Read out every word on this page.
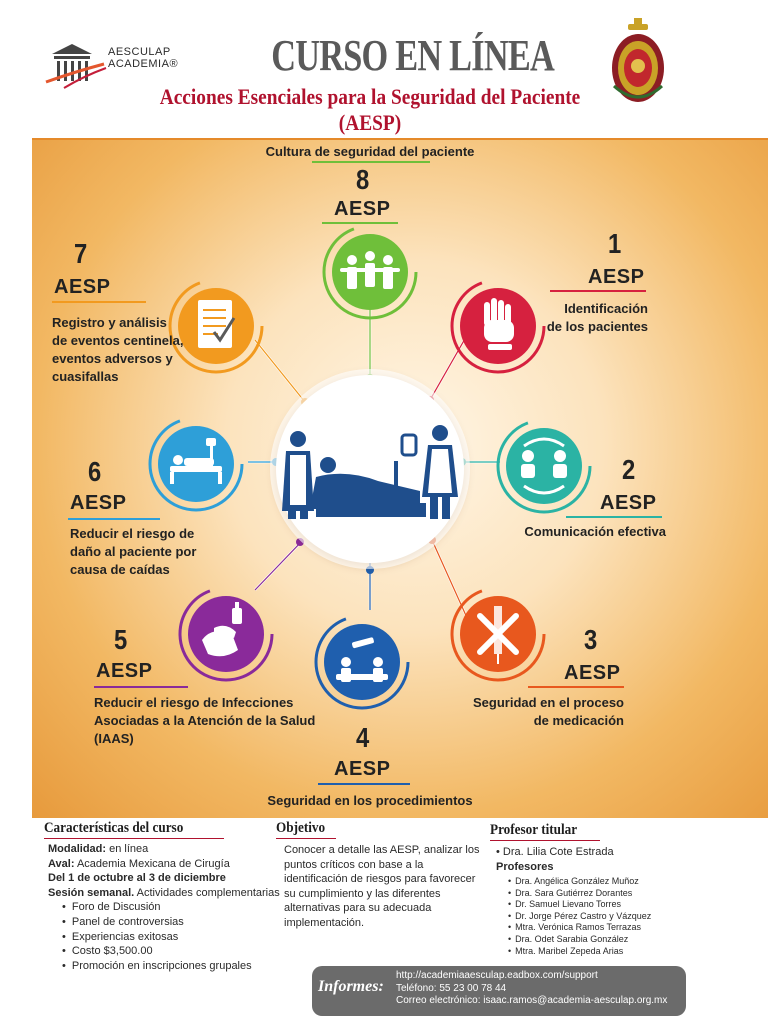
AESCULAP
ACADEMIA® CURSO EN LÍNEA
Acciones Esenciales para la Seguridad del Paciente
(AESP)
Cultura de seguridad del paciente
8
AESP
1
AESP
Identificación
de los pacientes
2
AESP
Comunicación efectiva
3
AESP
Seguridad en el proceso
de medicación
4
AESP
Seguridad en los procedimientos
5
AESP
Reducir el riesgo de Infecciones
Asociadas a la Atención de la Salud
(IAAS)
6
AESP
Reducir el riesgo de
daño al paciente por
causa de caídas
7
AESP
Registro y análisis
de eventos centinela,
eventos adversos y
cuasifallas
Características del curso
Modalidad: en línea
Aval: Academia Mexicana de Cirugía
Del 1 de octubre al 3 de diciembre
Sesión semanal. Actividades complementarias
• Foro de Discusión
• Panel de controversias
• Experiencias exitosas
• Costo $3,500.00
• Promoción en inscripciones grupales
Objetivo
Conocer a detalle las AESP, analizar los
puntos críticos con base a la
identificación de riesgos para favorecer
su cumplimiento y las diferentes
alternativas para su adecuada
implementación.
Profesor titular
• Dra. Lilia Cote Estrada
Profesores
• Dra. Angélica González Muñoz
• Dra. Sara Gutiérrez Dorantes
• Dr. Samuel Lievano Torres
• Dr. Jorge Pérez Castro y Vázquez
• Mtra. Verónica Ramos Terrazas
• Dra. Odet Sarabia González
• Mtra. Maribel Zepeda Arias
Informes:
http://academiaaesculap.eadbox.com/support
Teléfono: 55 23 00 78 44
Correo electrónico: isaac.ramos@academia-aesculap.org.mx
